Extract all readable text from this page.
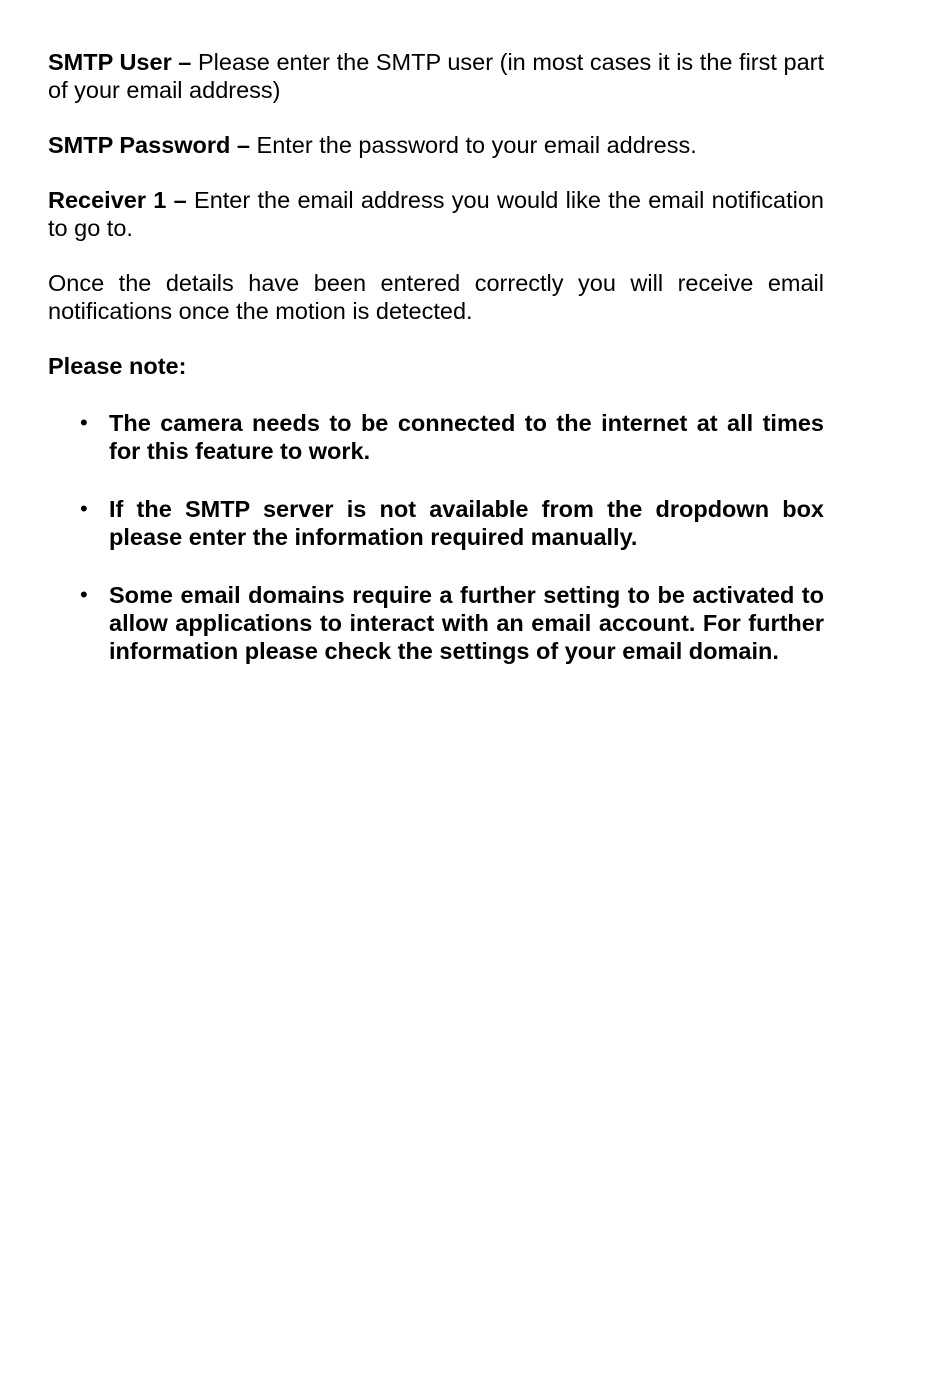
SMTP User – Please enter the SMTP user (in most cases it is the first part of your email address)

SMTP Password – Enter the password to your email address.

Receiver 1 – Enter the email address you would like the email notification to go to.

Once the details have been entered correctly you will receive email notifications once the motion is detected.

Please note:

• The camera needs to be connected to the internet at all times for this feature to work.
• If the SMTP server is not available from the dropdown box please enter the information required manually.
• Some email domains require a further setting to be activated to allow applications to interact with an email account. For further information please check the settings of your email domain.
